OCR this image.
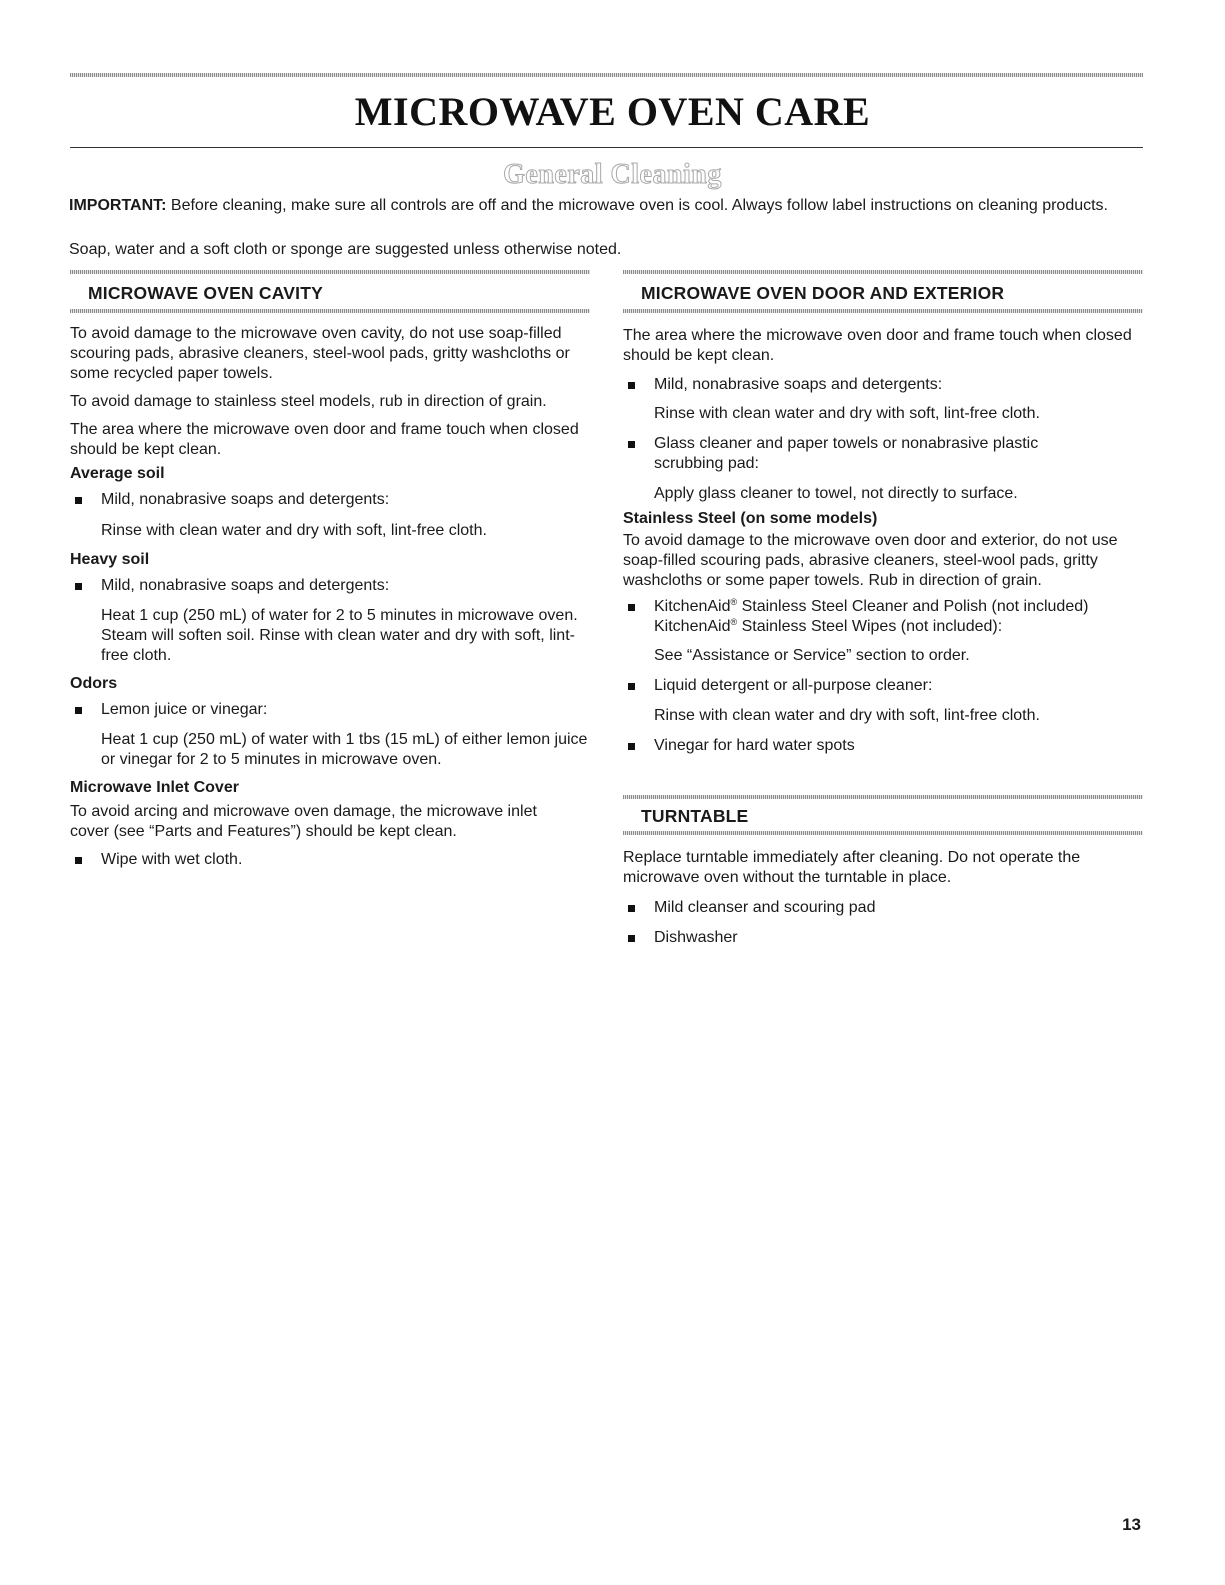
MICROWAVE OVEN CARE
General Cleaning

IMPORTANT: Before cleaning, make sure all controls are off and the microwave oven is cool. Always follow label instructions on cleaning products.

Soap, water and a soft cloth or sponge are suggested unless otherwise noted.

MICROWAVE OVEN CAVITY

To avoid damage to the microwave oven cavity, do not use soap-filled scouring pads, abrasive cleaners, steel-wool pads, gritty washcloths or some recycled paper towels.

To avoid damage to stainless steel models, rub in direction of grain.

The area where the microwave oven door and frame touch when closed should be kept clean.

Average soil

Mild, nonabrasive soaps and detergents:

Rinse with clean water and dry with soft, lint-free cloth.

Heavy soil

Mild, nonabrasive soaps and detergents:

Heat 1 cup (250 mL) of water for 2 to 5 minutes in microwave oven. Steam will soften soil. Rinse with clean water and dry with soft, lint-free cloth.

Odors

Lemon juice or vinegar:

Heat 1 cup (250 mL) of water with 1 tbs (15 mL) of either lemon juice or vinegar for 2 to 5 minutes in microwave oven.

Microwave Inlet Cover

To avoid arcing and microwave oven damage, the microwave inlet cover (see “Parts and Features”) should be kept clean.

Wipe with wet cloth.
MICROWAVE OVEN DOOR AND EXTERIOR

The area where the microwave oven door and frame touch when closed should be kept clean.

Mild, nonabrasive soaps and detergents:

Rinse with clean water and dry with soft, lint-free cloth.

Glass cleaner and paper towels or nonabrasive plastic scrubbing pad:

Apply glass cleaner to towel, not directly to surface.

Stainless Steel (on some models)

To avoid damage to the microwave oven door and exterior, do not use soap-filled scouring pads, abrasive cleaners, steel-wool pads, gritty washcloths or some paper towels. Rub in direction of grain.

KitchenAid® Stainless Steel Cleaner and Polish (not included)
KitchenAid® Stainless Steel Wipes (not included):

See “Assistance or Service” section to order.

Liquid detergent or all-purpose cleaner:

Rinse with clean water and dry with soft, lint-free cloth.

Vinegar for hard water spots
TURNTABLE

Replace turntable immediately after cleaning. Do not operate the microwave oven without the turntable in place.

Mild cleanser and scouring pad
Dishwasher

13
